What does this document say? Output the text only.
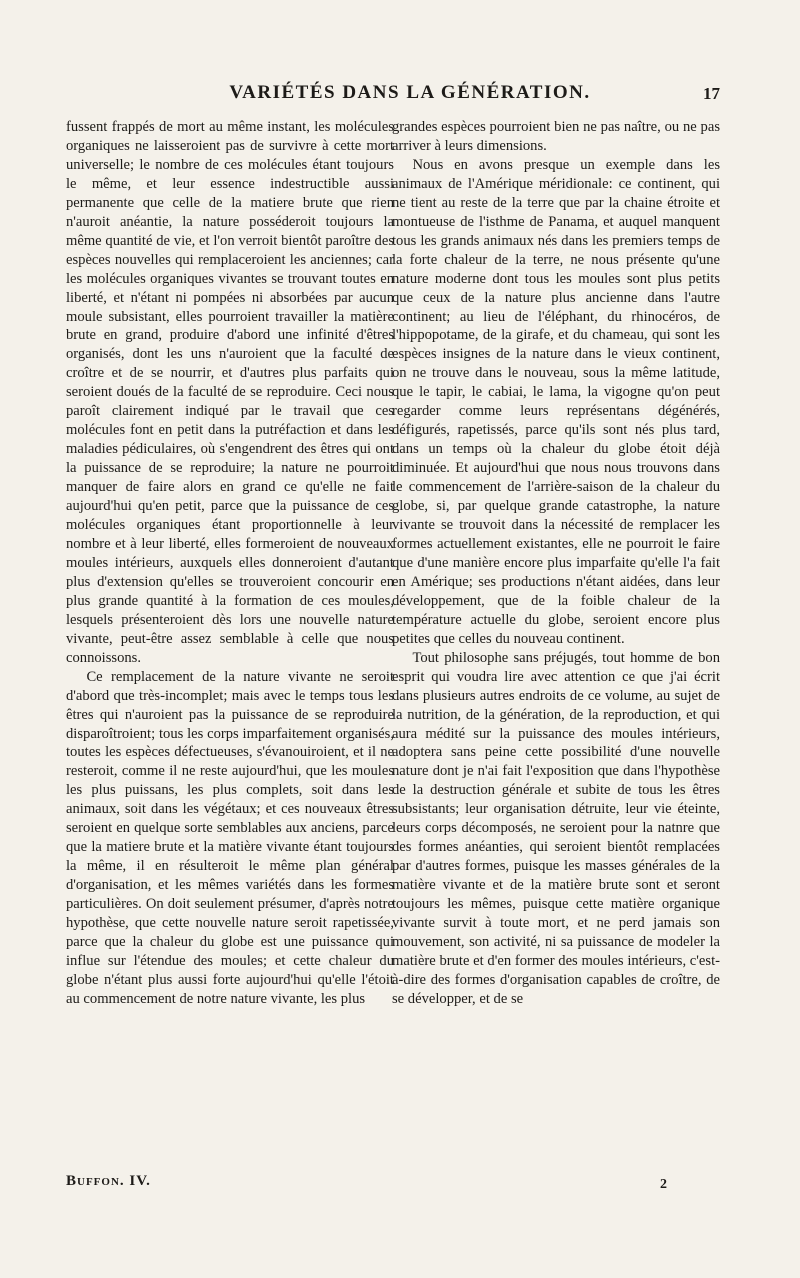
VARIÉTÉS DANS LA GÉNÉRATION.	17

fussent frappés de mort au même instant, les molécules organiques ne laisseroient pas de survivre à cette mort universelle; le nombre de ces molécules étant toujours le même, et leur essence indestructible aussi permanente que celle de la matiere brute que rien n'auroit anéantie, la nature posséderoit toujours la même quantité de vie, et l'on verroit bientôt paroître des espèces nouvelles qui remplaceroient les anciennes; car les molécules organiques vivantes se trouvant toutes en liberté, et n'étant ni pompées ni absorbées par aucun moule subsistant, elles pourroient travailler la matière brute en grand, produire d'abord une infinité d'êtres organisés, dont les uns n'auroient que la faculté de croître et de se nourrir, et d'autres plus parfaits qui seroient doués de la faculté de se reproduire. Ceci nous paroît clairement indiqué par le travail que ces molécules font en petit dans la putréfaction et dans les maladies pédiculaires, où s'engendrent des êtres qui ont la puissance de se reproduire; la nature ne pourroit manquer de faire alors en grand ce qu'elle ne fait aujourd'hui qu'en petit, parce que la puissance de ces molécules organiques étant proportionnelle à leur nombre et à leur liberté, elles formeroient de nouveaux moules intérieurs, auxquels elles donneroient d'autant plus d'extension qu'elles se trouveroient concourir en plus grande quantité à la formation de ces moules, lesquels présenteroient dès lors une nouvelle nature vivante, peut-être assez semblable à celle que nous connoissons.

Ce remplacement de la nature vivante ne seroit d'abord que très-incomplet; mais avec le temps tous les êtres qui n'auroient pas la puissance de se reproduire disparoîtroient; tous les corps imparfaitement organisés, toutes les espèces défectueuses, s'évanouiroient, et il ne resteroit, comme il ne reste aujourd'hui, que les moules les plus puissans, les plus complets, soit dans les animaux, soit dans les végétaux; et ces nouveaux êtres seroient en quelque sorte semblables aux anciens, parce que la matiere brute et la matière vivante étant toujours la même, il en résulteroit le même plan général d'organisation, et les mêmes variétés dans les formes particulières. On doit seulement présumer, d'après notre hypothèse, que cette nouvelle nature seroit rapetissée, parce que la chaleur du globe est une puissance qui influe sur l'étendue des moules; et cette chaleur du globe n'étant plus aussi forte aujourd'hui qu'elle l'étoit au commencement de notre nature vivante, les plus

grandes espèces pourroient bien ne pas naître, ou ne pas arriver à leurs dimensions.

Nous en avons presque un exemple dans les animaux de l'Amérique méridionale: ce continent, qui ne tient au reste de la terre que par la chaine étroite et montueuse de l'isthme de Panama, et auquel manquent tous les grands animaux nés dans les premiers temps de la forte chaleur de la terre, ne nous présente qu'une nature moderne dont tous les moules sont plus petits que ceux de la nature plus ancienne dans l'autre continent; au lieu de l'éléphant, du rhinocéros, de l'hippopotame, de la girafe, et du chameau, qui sont les espèces insignes de la nature dans le vieux continent, on ne trouve dans le nouveau, sous la même latitude, que le tapir, le cabiai, le lama, la vigogne qu'on peut regarder comme leurs représentans dégénérés, défigurés, rapetissés, parce qu'ils sont nés plus tard, dans un temps où la chaleur du globe étoit déjà diminuée. Et aujourd'hui que nous nous trouvons dans le commencement de l'arrière-saison de la chaleur du globe, si, par quelque grande catastrophe, la nature vivante se trouvoit dans la nécessité de remplacer les formes actuellement existantes, elle ne pourroit le faire que d'une manière encore plus imparfaite qu'elle l'a fait en Amérique; ses productions n'étant aidées, dans leur développement, que de la foible chaleur de la température actuelle du globe, seroient encore plus petites que celles du nouveau continent.

Tout philosophe sans préjugés, tout homme de bon esprit qui voudra lire avec attention ce que j'ai écrit dans plusieurs autres endroits de ce volume, au sujet de la nutrition, de la génération, de la reproduction, et qui aura médité sur la puissance des moules intérieurs, adoptera sans peine cette possibilité d'une nouvelle nature dont je n'ai fait l'exposition que dans l'hypothèse de la destruction générale et subite de tous les êtres subsistants; leur organisation détruite, leur vie éteinte, leurs corps décomposés, ne seroient pour la natnre que des formes anéanties, qui seroient bientôt remplacées par d'autres formes, puisque les masses générales de la matière vivante et de la matière brute sont et seront toujours les mêmes, puisque cette matière organique vivante survit à toute mort, et ne perd jamais son mouvement, son activité, ni sa puissance de modeler la matière brute et d'en former des moules intérieurs, c'est-à-dire des formes d'organisation capables de croître, de se développer, et de se

Buffon. IV.	2
